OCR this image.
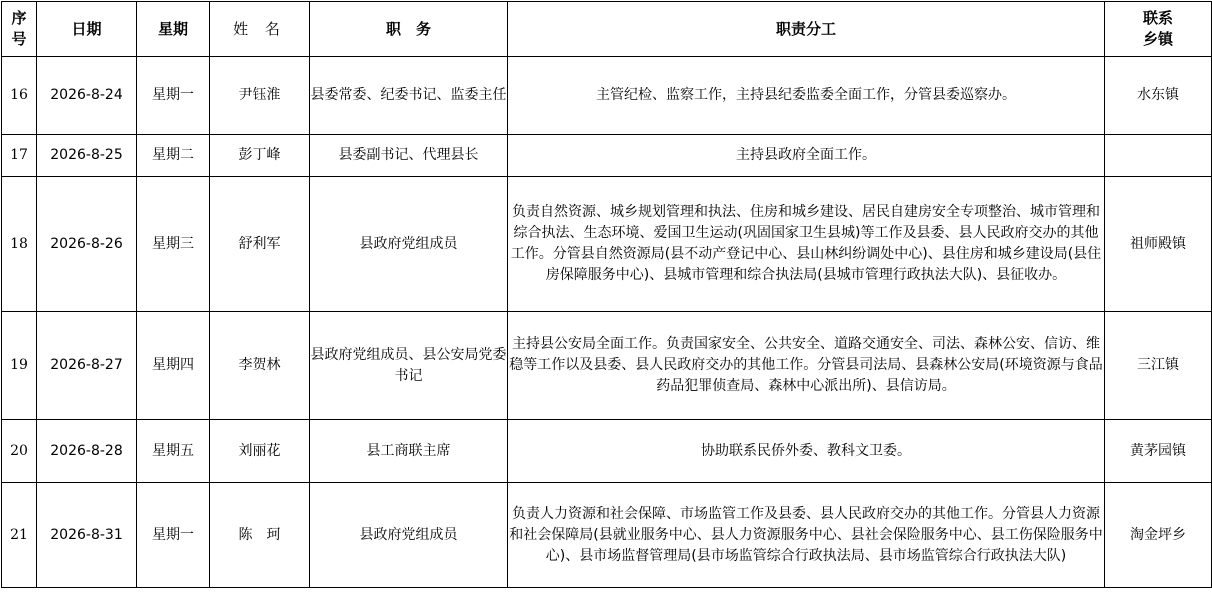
序
号	日期	星期	姓 名	职　务	职责分工	联系
乡镇

16	2026-8-24	星期一	尹钰淮	县委常委、纪委书记、监委主任	主管纪检、监察工作，主持县纪委监委全面工作，分管县委巡察办。	水东镇
17	2026-8-25	星期二	彭丁峰	县委副书记、代理县长	主持县政府全面工作。	
18	2026-8-26	星期三	舒利军	县政府党组成员	负责自然资源、城乡规划管理和执法、住房和城乡建设、居民自建房安全专项整治、城市管理和综合执法、生态环境、爱国卫生运动(巩固国家卫生县城)等工作及县委、县人民政府交办的其他工作。分管县自然资源局(县不动产登记中心、县山林纠纷调处中心)、县住房和城乡建设局(县住房保障服务中心)、县城市管理和综合执法局(县城市管理行政执法大队)、县征收办。	祖师殿镇
19	2026-8-27	星期四	李贺林	县政府党组成员、县公安局党委书记	主持县公安局全面工作。负责国家安全、公共安全、道路交通安全、司法、森林公安、信访、维稳等工作以及县委、县人民政府交办的其他工作。分管县司法局、县森林公安局(环境资源与食品药品犯罪侦查局、森林中心派出所)、县信访局。	三江镇
20	2026-8-28	星期五	刘丽花	县工商联主席	协助联系民侨外委、教科文卫委。	黄茅园镇
21	2026-8-31	星期一	陈　珂	县政府党组成员	负责人力资源和社会保障、市场监管工作及县委、县人民政府交办的其他工作。分管县人力资源和社会保障局(县就业服务中心、县人力资源服务中心、县社会保险服务中心、县工伤保险服务中心)、县市场监督管理局(县市场监管综合行政执法局、县市场监管综合行政执法大队)	淘金坪乡
